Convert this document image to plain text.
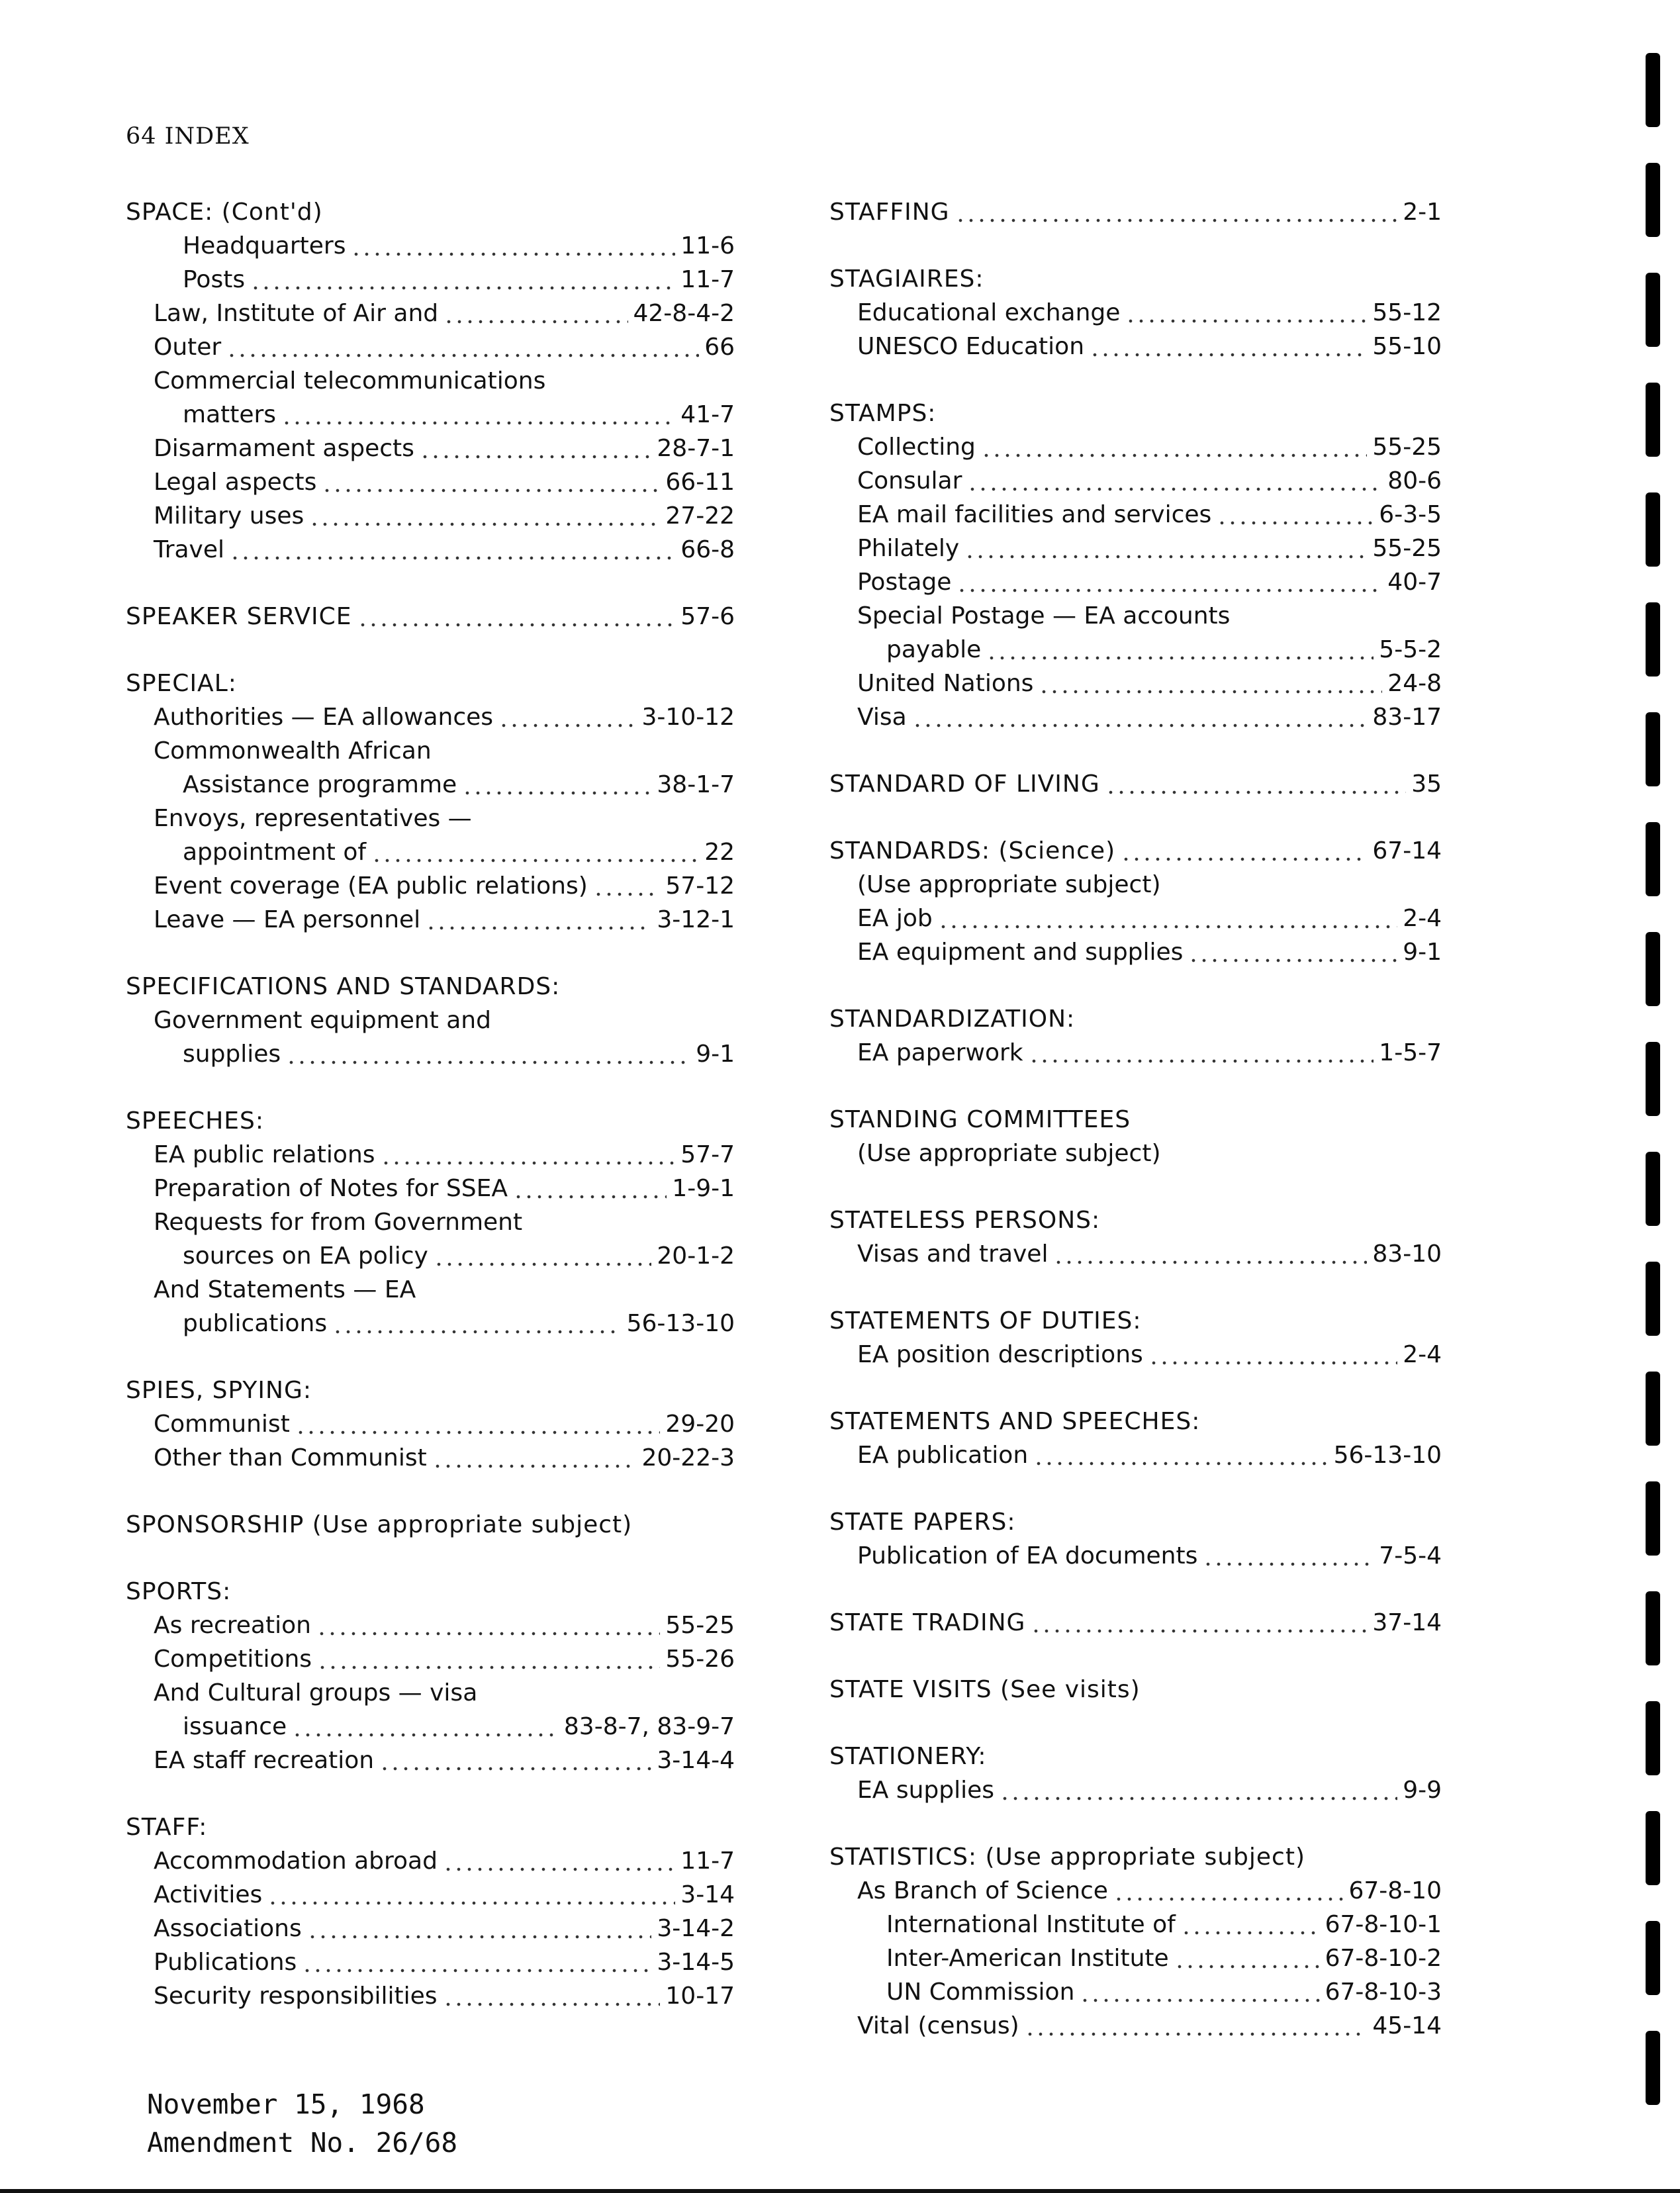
64 INDEX
SPACE: (Cont'd)
Headquarters	11-6
Posts	11-7
Law, Institute of Air and	42-8-4-2
Outer	66
Commercial telecommunications
matters	41-7
Disarmament aspects	28-7-1
Legal aspects	66-11
Military uses	27-22
Travel	66-8
SPEAKER SERVICE	57-6
SPECIAL:
Authorities — EA allowances	3-10-12
Commonwealth African
Assistance programme	38-1-7
Envoys, representatives —
appointment of	22
Event coverage (EA public relations)	57-12
Leave — EA personnel	3-12-1
SPECIFICATIONS AND STANDARDS:
Government equipment and
supplies	9-1
SPEECHES:
EA public relations	57-7
Preparation of Notes for SSEA	1-9-1
Requests for from Government
sources on EA policy	20-1-2
And Statements — EA
publications	56-13-10
SPIES, SPYING:
Communist	29-20
Other than Communist	20-22-3
SPONSORSHIP (Use appropriate subject)
SPORTS:
As recreation	55-25
Competitions	55-26
And Cultural groups — visa
issuance	83-8-7, 83-9-7
EA staff recreation	3-14-4
STAFF:
Accommodation abroad	11-7
Activities	3-14
Associations	3-14-2
Publications	3-14-5
Security responsibilities	10-17
STAFFING	2-1
STAGIAIRES:
Educational exchange	55-12
UNESCO Education	55-10
STAMPS:
Collecting	55-25
Consular	80-6
EA mail facilities and services	6-3-5
Philately	55-25
Postage	40-7
Special Postage — EA accounts
payable	5-5-2
United Nations	24-8
Visa	83-17
STANDARD OF LIVING	35
STANDARDS: (Science)	67-14
(Use appropriate subject)
EA job	2-4
EA equipment and supplies	9-1
STANDARDIZATION:
EA paperwork	1-5-7
STANDING COMMITTEES
(Use appropriate subject)
STATELESS PERSONS:
Visas and travel	83-10
STATEMENTS OF DUTIES:
EA position descriptions	2-4
STATEMENTS AND SPEECHES:
EA publication	56-13-10
STATE PAPERS:
Publication of EA documents	7-5-4
STATE TRADING	37-14
STATE VISITS (See visits)
STATIONERY:
EA supplies	9-9
STATISTICS: (Use appropriate subject)
As Branch of Science	67-8-10
International Institute of	67-8-10-1
Inter-American Institute	67-8-10-2
UN Commission	67-8-10-3
Vital (census)	45-14
November 15, 1968
Amendment No. 26/68
